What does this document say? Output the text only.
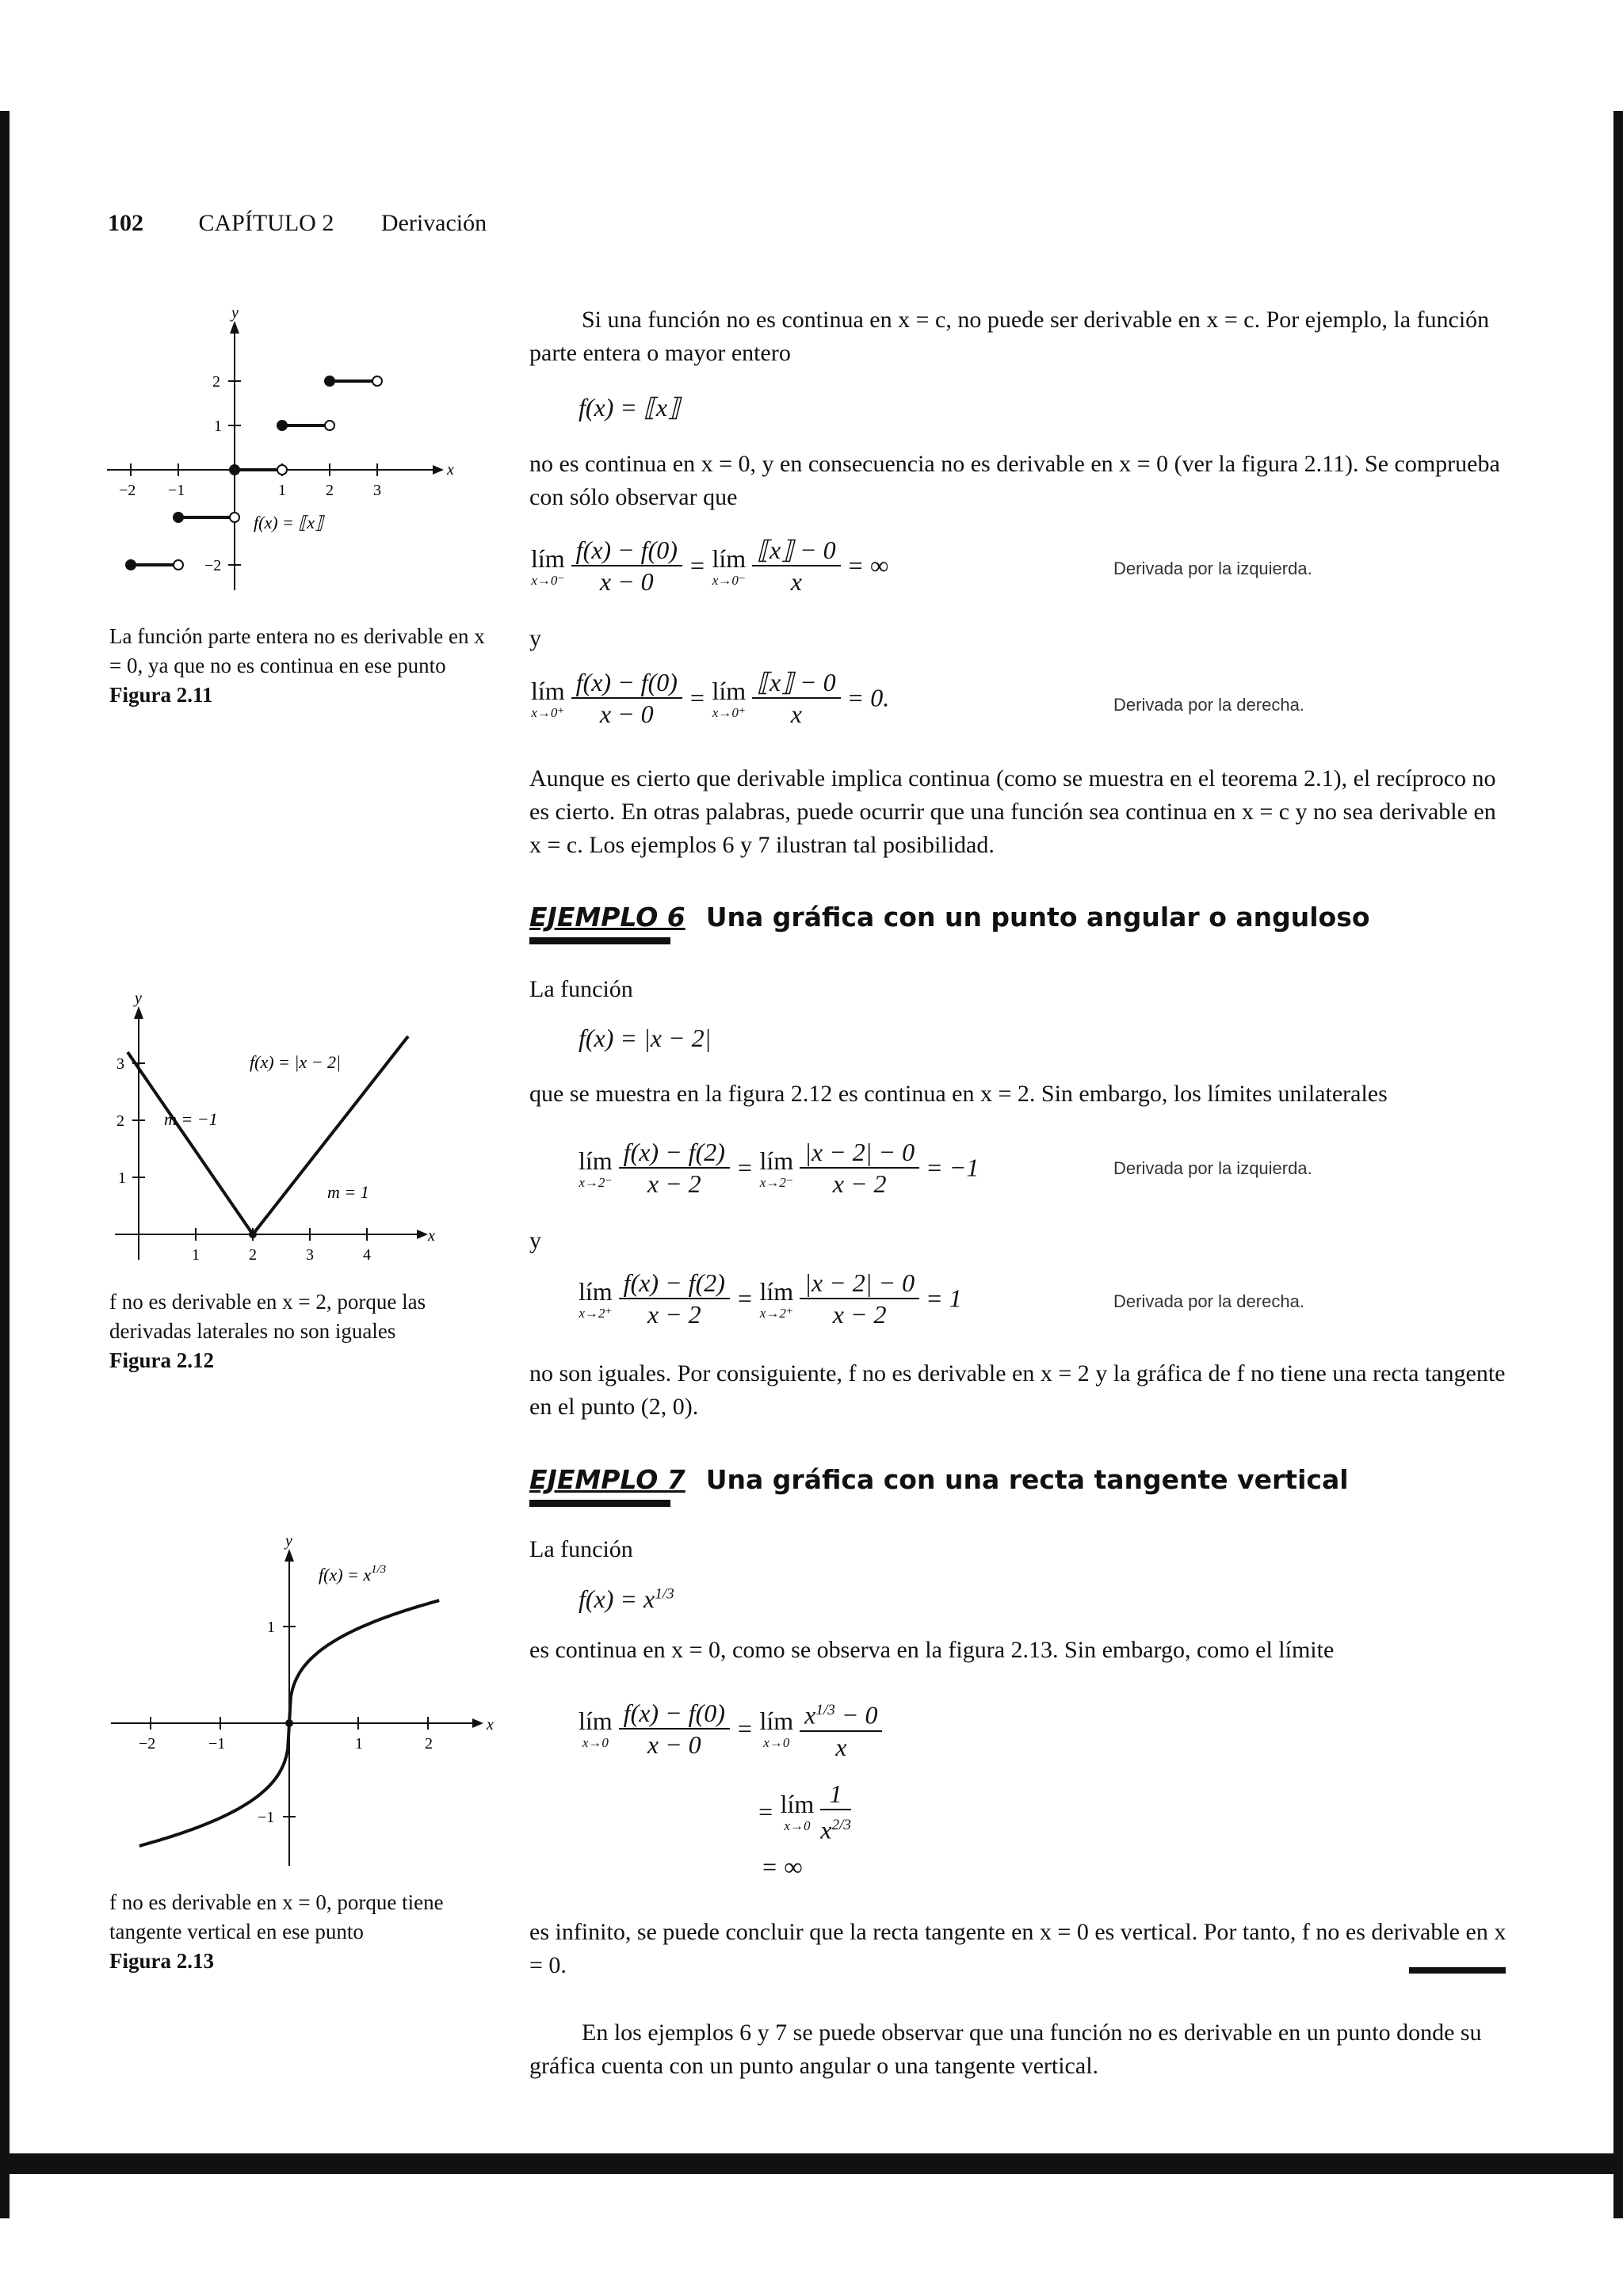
102 CAPÍTULO 2 Derivación
y
x
−2 −1	1	2	3
2
1
−2
f(x) = ⟦x⟧
La función parte entera no es derivable en x = 0, ya que no es continua en ese punto
Figura 2.11
y
x
1	2	3	4
3
2
1
f(x) = |x − 2|
m = −1
m = 1
f no es derivable en x = 2, porque las derivadas laterales no son iguales
Figura 2.12
y
x
−2	−1	1	2
1
−1
$f(x) = x^{1/3}$
f no es derivable en x = 0, porque tiene tangente vertical en ese punto
Figura 2.13
Si una función no es continua en x = c, no puede ser derivable en x = c. Por ejemplo, la función parte entera o mayor entero
f(x) = ⟦x⟧
no es continua en x = 0, y en consecuencia no es derivable en x = 0 (ver la figura 2.11). Se comprueba con sólo observar que
lím
x→0⁻
$\frac{f(x) - f(0)}{x - 0}$ = lím
x→0⁻
$\frac{⟦x⟧ - 0}{x}$ = ∞	Derivada por la izquierda.
y
lím
x→0⁺
$\frac{f(x) - f(0)}{x - 0}$ = lím
x→0⁺
$\frac{⟦x⟧ - 0}{x} = 0$.	Derivada por la derecha.
Aunque es cierto que derivable implica continua (como se muestra en el teorema 2.1), el recíproco no es cierto. En otras palabras, puede ocurrir que una función sea continua en x = c y no sea derivable en x = c. Los ejemplos 6 y 7 ilustran tal posibilidad.
EJEMPLO 6 Una gráfica con un punto angular o anguloso
La función
f(x) = |x − 2|
que se muestra en la figura 2.12 es continua en x = 2. Sin embargo, los límites unilaterales
lím
x→2⁻
$\frac{f(x) - f(2)}{x - 2}$ = lím
x→2⁻
$\frac{|x - 2| - 0}{x - 2} = -1$	Derivada por la izquierda.
y
lím
x→2⁺
$\frac{f(x) - f(2)}{x - 2}$ = lím
x→2⁺
$\frac{|x - 2| - 0}{x - 2} = 1$	Derivada por la derecha.
no son iguales. Por consiguiente, f no es derivable en x = 2 y la gráfica de f no tiene una recta tangente en el punto (2, 0).
EJEMPLO 7 Una gráfica con una recta tangente vertical
La función
$f(x) = x^{1/3}$
es continua en x = 0, como se observa en la figura 2.13. Sin embargo, como el límite
lím
x→0
$\frac{f(x) - f(0)}{x - 0}$ = lím
x→0
$\frac{x^{1/3} - 0}{x}$
= lím
x→0
$\frac{1}{x^{2/3}}$
= ∞
es infinito, se puede concluir que la recta tangente en x = 0 es vertical. Por tanto, f no es derivable en x = 0.
En los ejemplos 6 y 7 se puede observar que una función no es derivable en un punto donde su gráfica cuenta con un punto angular o una tangente vertical.
